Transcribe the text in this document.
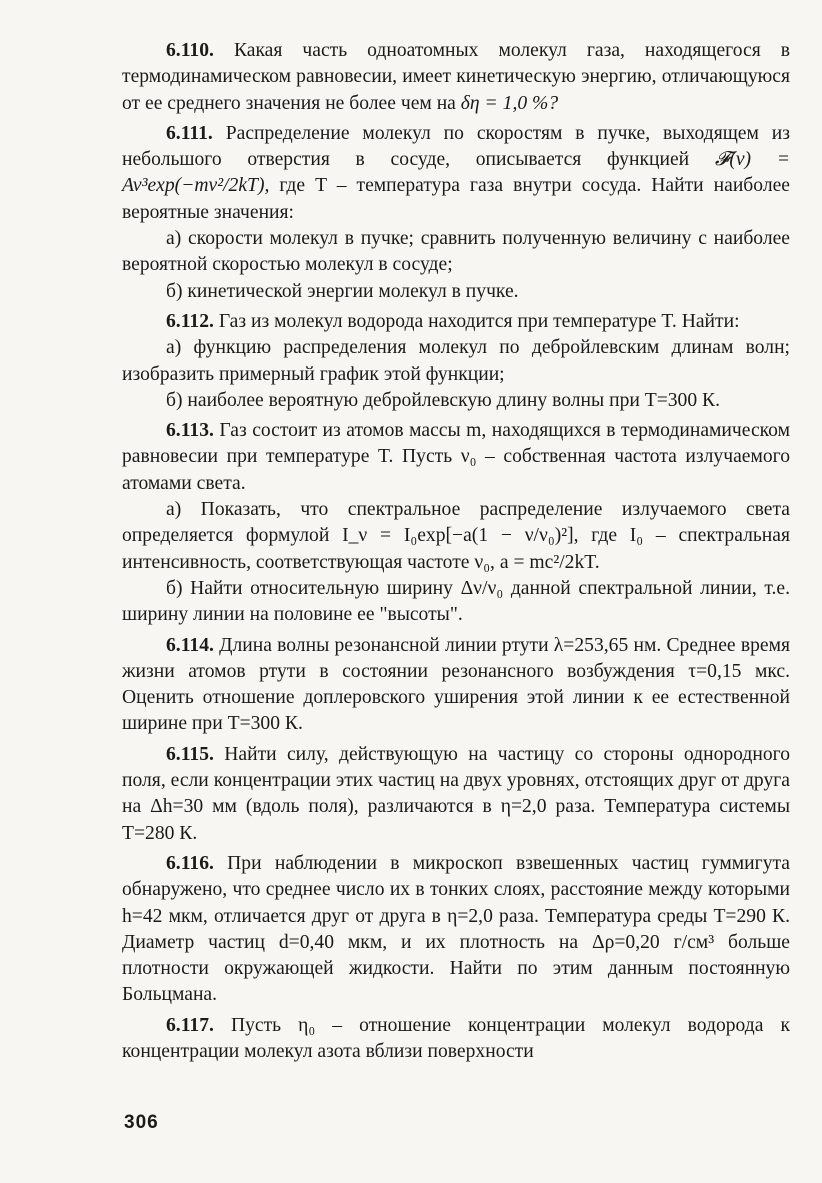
6.110. Какая часть одноатомных молекул газа, находящегося в термодинамическом равновесии, имеет кинетическую энергию, отличающуюся от ее среднего значения не более чем на δη = 1,0 %?

6.111. Распределение молекул по скоростям в пучке, выходящем из небольшого отверстия в сосуде, описывается функцией 𝓕(v) = Av³exp(−mv²/2kT), где T – температура газа внутри сосуда. Найти наиболее вероятные значения:

а) скорости молекул в пучке; сравнить полученную величину с наиболее вероятной скоростью молекул в сосуде;

б) кинетической энергии молекул в пучке.

6.112. Газ из молекул водорода находится при температуре T. Найти:

а) функцию распределения молекул по дебройлевским длинам волн; изобразить примерный график этой функции;

б) наиболее вероятную дебройлевскую длину волны при T=300 К.

6.113. Газ состоит из атомов массы m, находящихся в термодинамическом равновесии при температуре T. Пусть ν₀ – собственная частота излучаемого атомами света.

а) Показать, что спектральное распределение излучаемого света определяется формулой I_ν = I₀exp[−a(1 − ν/ν₀)²], где I₀ – спектральная интенсивность, соответствующая частоте ν₀, a = mc²/2kT.

б) Найти относительную ширину Δν/ν₀ данной спектральной линии, т.е. ширину линии на половине ее "высоты".

6.114. Длина волны резонансной линии ртути λ=253,65 нм. Среднее время жизни атомов ртути в состоянии резонансного возбуждения τ=0,15 мкс. Оценить отношение доплеровского уширения этой линии к ее естественной ширине при T=300 К.

6.115. Найти силу, действующую на частицу со стороны однородного поля, если концентрации этих частиц на двух уровнях, отстоящих друг от друга на Δh=30 мм (вдоль поля), различаются в η=2,0 раза. Температура системы T=280 К.

6.116. При наблюдении в микроскоп взвешенных частиц гуммигута обнаружено, что среднее число их в тонких слоях, расстояние между которыми h=42 мкм, отличается друг от друга в η=2,0 раза. Температура среды T=290 К. Диаметр частиц d=0,40 мкм, и их плотность на Δρ=0,20 г/см³ больше плотности окружающей жидкости. Найти по этим данным постоянную Больцмана.

6.117. Пусть η₀ – отношение концентрации молекул водорода к концентрации молекул азота вблизи поверхности

306
